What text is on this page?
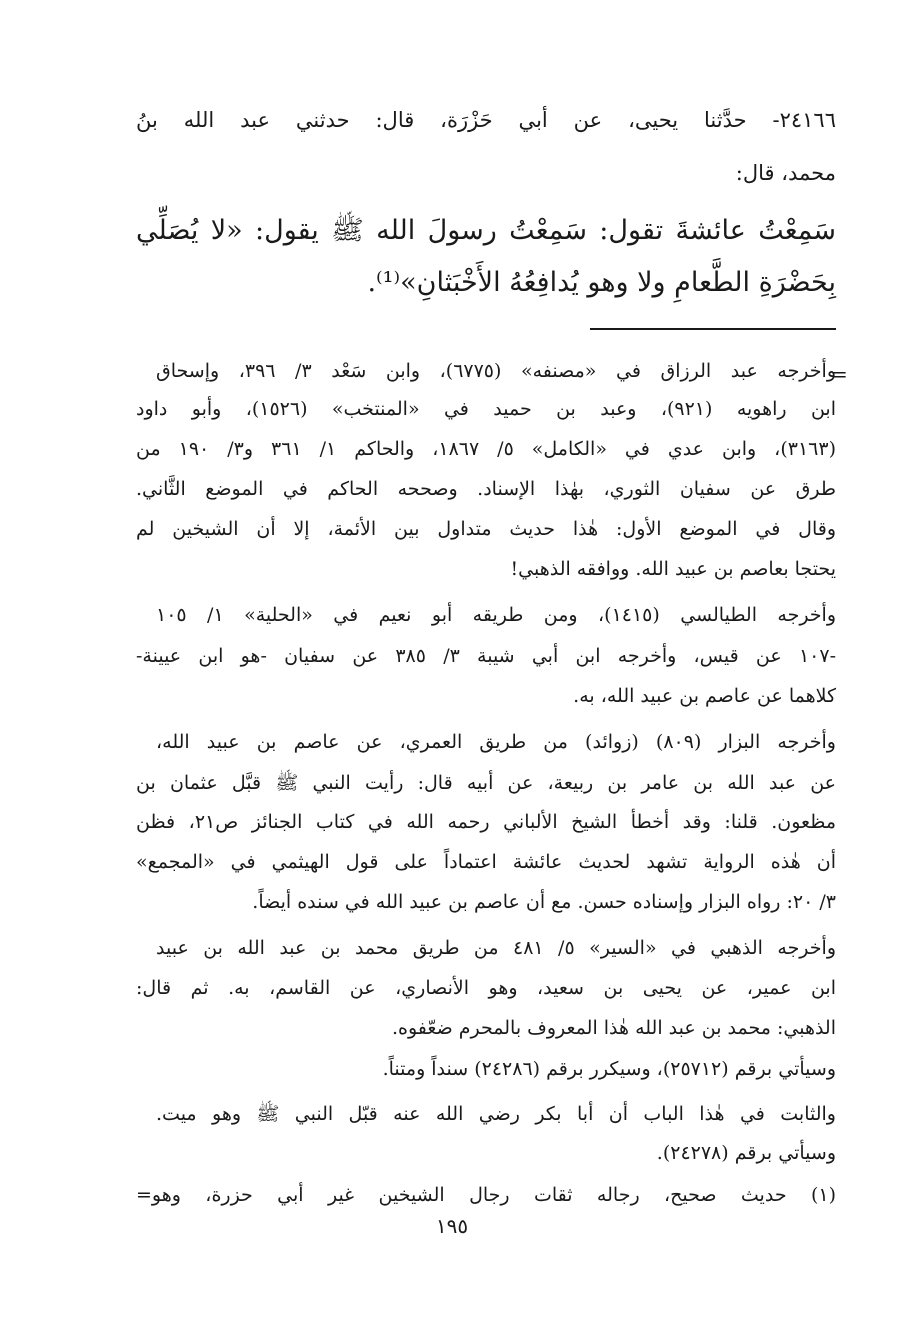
٢٤١٦٦- حدَّثنا يحيى، عن أبي حَزْرَة، قال: حدثني عبد الله بنُ

محمد، قال:

سَمِعْتُ عائشةَ تقول: سَمِعْتُ رسولَ الله ﷺ يقول: «لا يُصَلِّي

بِحَضْرَةِ الطَّعامِ ولا وهو يُدافِعُهُ الأَخْبَثانِ»⁽¹⁾.

=

وأخرجه عبد الرزاق في «مصنفه» (٦٧٧٥)، وابن سَعْد ٣/ ٣٩٦، وإسحاق

ابن راهويه (٩٢١)، وعبد بن حميد في «المنتخب» (١٥٢٦)، وأبو داود

(٣١٦٣)، وابن عدي في «الكامل» ٥/ ١٨٦٧، والحاكم ١/ ٣٦١ و٣/ ١٩٠ من

طرق عن سفيان الثوري، بهٰذا الإسناد. وصححه الحاكم في الموضع الثَّاني.

وقال في الموضع الأول: هٰذا حديث متداول بين الأئمة، إلا أن الشيخين لم

يحتجا بعاصم بن عبيد الله. ووافقه الذهبي!

وأخرجه الطيالسي (١٤١٥)، ومن طريقه أبو نعيم في «الحلية» ١/ ١٠٥

-١٠٧ عن قيس، وأخرجه ابن أبي شيبة ٣/ ٣٨٥ عن سفيان -هو ابن عيينة-

كلاهما عن عاصم بن عبيد الله، به.

وأخرجه البزار (٨٠٩) (زوائد) من طريق العمري، عن عاصم بن عبيد الله،

عن عبد الله بن عامر بن ربيعة، عن أبيه قال: رأيت النبي ﷺ قبَّل عثمان بن

مظعون. قلنا: وقد أخطأ الشيخ الألباني رحمه الله في كتاب الجنائز ص٢١، فظن

أن هٰذه الرواية تشهد لحديث عائشة اعتماداً على قول الهيثمي في «المجمع»

٣/ ٢٠: رواه البزار وإسناده حسن. مع أن عاصم بن عبيد الله في سنده أيضاً.

وأخرجه الذهبي في «السير» ٥/ ٤٨١ من طريق محمد بن عبد الله بن عبيد

ابن عمير، عن يحيى بن سعيد، وهو الأنصاري، عن القاسم، به. ثم قال:

الذهبي: محمد بن عبد الله هٰذا المعروف بالمحرم ضعّفوه.

وسيأتي برقم (٢٥٧١٢)، وسيكرر برقم (٢٤٢٨٦) سنداً ومتناً.

والثابت في هٰذا الباب أن أبا بكر رضي الله عنه قبّل النبي ﷺ وهو ميت.

وسيأتي برقم (٢٤٢٧٨).

(١) حديث صحيح، رجاله ثقات رجال الشيخين غير أبي حزرة، وهو=

١٩٥
